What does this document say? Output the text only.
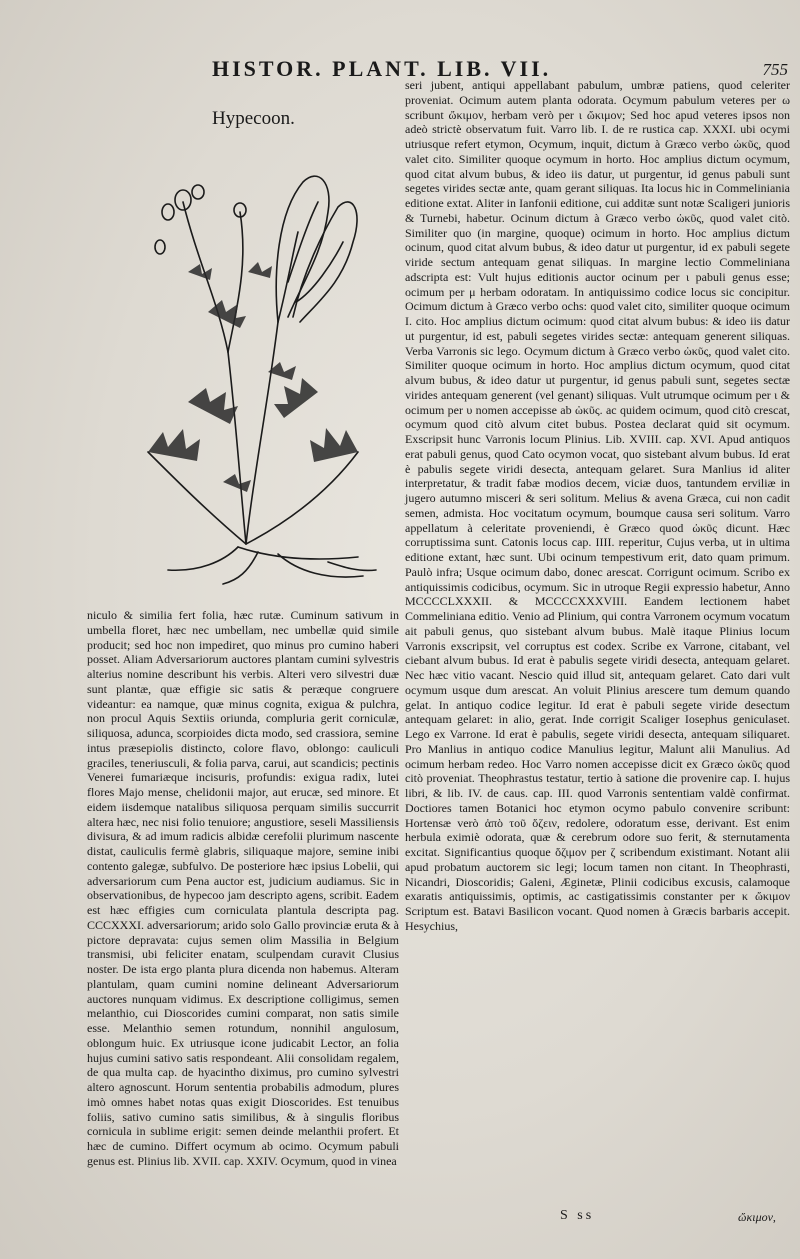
HISTOR. PLANT. LIB. VII.	755
Hypecoon.

seri jubent, antiqui appellabant pabulum, umbræ patiens, quod celeriter proveniat. Ocimum autem planta odorata. Ocymum pabulum veteres per ω scribunt ὤκιμον, herbam verò per ι ὤκιμον; Sed hoc apud veteres ipsos non adeò strictè observatum fuit. Varro lib. I. de re rustica cap. XXXI. ubi ocymi utriusque refert etymon, Ocymum, inquit, dictum à Græco verbo ὠκῦς, quod valet cito. Similiter quoque ocymum in horto. Hoc amplius dictum ocymum, quod citat alvum bubus, & ideo iis datur, ut purgentur, id genus pabuli sunt segetes virides sectæ ante, quam gerant siliquas. Ita locus hic in Commeliniania editione extat. Aliter in Ianfonii editione, cui additæ sunt notæ Scaligeri junioris & Turnebi, habetur. Ocinum dictum à Græco verbo ὠκῦς, quod valet citò. Similiter quo (in margine, quoque) ocimum in horto. Hoc amplius dictum ocinum, quod citat alvum bubus, & ideo datur ut purgentur, id ex pabuli segete viride sectum antequam genat siliquas. In margine lectio Commeliniana adscripta est: Vult hujus editionis auctor ocinum per ι pabuli genus esse; ocimum per μ herbam odoratam. In antiquissimo codice locus sic concipitur. Ocimum dictum à Græco verbo ochs: quod valet cito, similiter quoque ocimum I. cito. Hoc amplius dictum ocimum: quod citat alvum bubus: & ideo iis datur ut purgentur, id est, pabuli segetes virides sectæ: antequam generent siliquas. Verba Varronis sic lego. Ocymum dictum à Græco verbo ὠκῦς, quod valet cito. Similiter quoque ocimum in horto. Hoc amplius dictum ocymum, quod citat alvum bubus, & ideo datur ut purgentur, id genus pabuli sunt, segetes sectæ virides antequam generent (vel genant) siliquas. Vult utrumque ocimum per ι & ocimum per υ nomen accepisse ab ὠκῦς. ac quidem ocimum, quod citò crescat, ocymum quod citò alvum citet bubus. Postea declarat quid sit ocymum. Exscripsit hunc Varronis locum Plinius. Lib. XVIII. cap. XVI. Apud antiquos erat pabuli genus, quod Cato ocymon vocat, quo sistebant alvum bubus. Id erat è pabulis segete viridi desecta, antequam gelaret. Sura Manlius id aliter interpretatur, & tradit fabæ modios decem, viciæ duos, tantundem erviliæ in jugero autumno misceri & seri solitum. Melius & avena Græca, cui non cadit semen, admista. Hoc vocitatum ocymum, boumque causa seri solitum. Varro appellatum à celeritate proveniendi, è Græco quod ὠκῦς dicunt. Hæc corruptissima sunt. Catonis locus cap. IIII. reperitur, Cujus verba, ut in ultima editione extant, hæc sunt. Ubi ocinum tempestivum erit, dato quam primum. Paulò infra; Usque ocimum dabo, donec arescat. Corrigunt ocimum. Scribo ex antiquissimis codicibus, ocymum. Sic in utroque Regii expressio habetur, Anno MCCCCLXXXII. & MCCCCXXXVIII. Eandem lectionem habet Commeliniana editio. Venio ad Plinium, qui contra Varronem ocymum vocatum ait pabuli genus, quo sistebant alvum bubus. Malè itaque Plinius locum Varronis exscripsit, vel corruptus est codex. Scribe ex Varrone, citabant, vel ciebant alvum bubus. Id erat è pabulis segete viridi desecta, antequam gelaret. Nec hæc vitio vacant. Nescio quid illud sit, antequam gelaret. Cato dari vult ocymum usque dum arescat. An voluit Plinius arescere tum demum quando gelat. In antiquo codice legitur. Id erat è pabuli segete viride desectum antequam gelaret: in alio, gerat. Inde corrigit Scaliger Iosephus geniculaset. Lego ex Varrone. Id erat è pabulis, segete viridi desecta, antequam siliquaret. Pro Manlius in antiquo codice Manulius legitur, Malunt alii Manulius. Ad ocimum herbam redeo. Hoc Varro nomen accepisse dicit ex Græco ὠκῦς quod citò proveniat. Theophrastus testatur, tertio à satione die provenire cap. I. hujus libri, & lib. IV. de caus. cap. III. quod Varronis sententiam valdè confirmat. Doctiores tamen Botanici hoc etymon ocymo pabulo convenire scribunt: Hortensæ verò ἀπὸ τοῦ ὄζειν, redolere, odoratum esse, derivant. Est enim herbula eximiè odorata, quæ & cerebrum odore suo ferit, & sternutamenta excitat. Significantius quoque ὄζιμον per ζ scribendum existimant. Notant alii apud probatum auctorem sic legi; locum tamen non citant. In Theophrasti, Nicandri, Dioscoridis; Galeni, Æginetæ, Plinii codicibus excusis, calamoque exaratis antiquissimis, optimis, ac castigatissimis constanter per κ ὤκιμον Scriptum est. Batavi Basilicon vocant. Quod nomen à Græcis barbaris accepit. Hesychius,

niculo & similia fert folia, hæc rutæ. Cuminum sativum in umbella floret, hæc nec umbellam, nec umbellæ quid simile producit; sed hoc non impediret, quo minus pro cumino haberi posset. Aliam Adversariorum auctores plantam cumini sylvestris alterius nomine describunt his verbis. Alteri vero silvestri duæ sunt plantæ, quæ effigie sic satis & peræque congruere videantur: ea namque, quæ minus cognita, exigua & pulchra, non procul Aquis Sextiis oriunda, compluria gerit corniculæ, siliquosa, adunca, scorpioides dicta modo, sed crassiora, semine intus præsepiolis distincto, colore flavo, oblongo: cauliculi graciles, teneriusculi, & folia parva, carui, aut scandicis; pectinis Venerei fumariæque incisuris, profundis: exigua radix, lutei flores Majo mense, chelidonii major, aut erucæ, sed minore. Et eidem iisdemque natalibus siliquosa perquam similis succurrit altera hæc, nec nisi folio tenuiore; angustiore, seseli Massiliensis divisura, & ad imum radicis albidæ cerefolii plurimum nascente distat, cauliculis fermè glabris, siliquaque majore, semine inibi contento galegæ, subfulvo. De posteriore hæc ipsius Lobelii, qui adversariorum cum Pena auctor est, judicium audiamus. Sic in observationibus, de hypecoo jam descripto agens, scribit. Eadem est hæc effigies cum corniculata plantula descripta pag. CCCXXXI. adversariorum; arido solo Gallo provinciæ eruta & à pictore depravata: cujus semen olim Massilia in Belgium transmisi, ubi feliciter enatam, sculpendam curavit Clusius noster. De ista ergo planta plura dicenda non habemus. Alteram plantulam, quam cumini nomine delineant Adversariorum auctores nunquam vidimus. Ex descriptione colligimus, semen melanthio, cui Dioscorides cumini comparat, non satis simile esse. Melanthio semen rotundum, nonnihil angulosum, oblongum huic. Ex utriusque icone judicabit Lector, an folia hujus cumini sativo satis respondeant. Alii consolidam regalem, de qua multa cap. de hyacintho diximus, pro cumino sylvestri altero agnoscunt. Horum sententia probabilis admodum, plures imò omnes habet notas quas exigit Dioscorides. Est tenuibus foliis, sativo cumino satis similibus, & à singulis floribus cornicula in sublime erigit: semen deinde melanthii profert. Et hæc de cumino. Differt ocymum ab ocimo. Ocymum pabuli genus est. Plinius lib. XVII. cap. XXIV. Ocymum, quod in vinea

S ss	ὤκιμον,
